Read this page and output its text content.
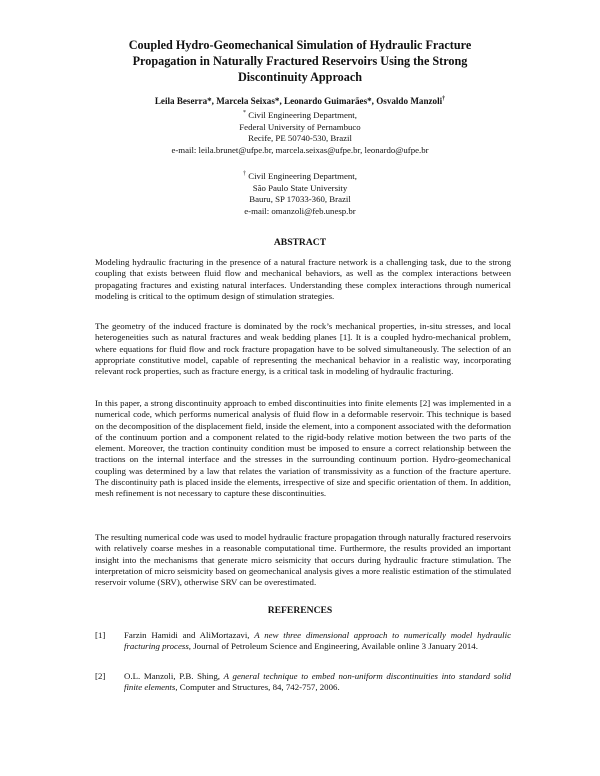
Coupled Hydro-Geomechanical Simulation of Hydraulic Fracture
Propagation in Naturally Fractured Reservoirs Using the Strong
Discontinuity Approach
Leila Beserra*, Marcela Seixas*, Leonardo Guimarães*, Osvaldo Manzoli†
* Civil Engineering Department,
Federal University of Pernambuco
Recife, PE 50740-530, Brazil
e-mail: leila.brunet@ufpe.br, marcela.seixas@ufpe.br, leonardo@ufpe.br
† Civil Engineering Department,
São Paulo State University
Bauru, SP 17033-360, Brazil
e-mail: omanzoli@feb.unesp.br
ABSTRACT

Modeling hydraulic fracturing in the presence of a natural fracture network is a challenging task, due to the strong coupling that exists between fluid flow and mechanical behaviors, as well as the complex interactions between propagating fractures and existing natural interfaces. Understanding these complex interactions through numerical modeling is critical to the optimum design of stimulation strategies.

The geometry of the induced fracture is dominated by the rock’s mechanical properties, in-situ stresses, and local heterogeneities such as natural fractures and weak bedding planes [1]. It is a coupled hydro-mechanical problem, where equations for fluid flow and rock fracture propagation have to be solved simultaneously. The selection of an appropriate constitutive model, capable of representing the mechanical behavior in a realistic way, incorporating relevant rock properties, such as fracture energy, is a critical task in modeling of hydraulic fracturing.

In this paper, a strong discontinuity approach to embed discontinuities into finite elements [2] was implemented in a numerical code, which performs numerical analysis of fluid flow in a deformable reservoir. This technique is based on the decomposition of the displacement field, inside the element, into a component associated with the deformation of the continuum portion and a component related to the rigid-body relative motion between the two parts of the element. Moreover, the traction continuity condition must be imposed to ensure a correct relationship between the tractions on the internal interface and the stresses in the surrounding continuum portion. Hydro-geomechanical coupling was determined by a law that relates the variation of transmissivity as a function of the fracture aperture. The discontinuity path is placed inside the elements, irrespective of size and specific orientation of them. In addition, mesh refinement is not necessary to capture these discontinuities.

The resulting numerical code was used to model hydraulic fracture propagation through naturally fractured reservoirs with relatively coarse meshes in a reasonable computational time. Furthermore, the results provided an important insight into the mechanisms that generate micro seismicity that occurs during hydraulic fracture stimulation. The interpretation of micro seismicity based on geomechanical analysis gives a more realistic estimation of the stimulated reservoir volume (SRV), otherwise SRV can be overestimated.

REFERENCES
[1] Farzin Hamidi and AliMortazavi, A new three dimensional approach to numerically model hydraulic fracturing process, Journal of Petroleum Science and Engineering, Available online 3 January 2014.
[2] O.L. Manzoli, P.B. Shing, A general technique to embed non-uniform discontinuities into standard solid finite elements, Computer and Structures, 84, 742-757, 2006.
